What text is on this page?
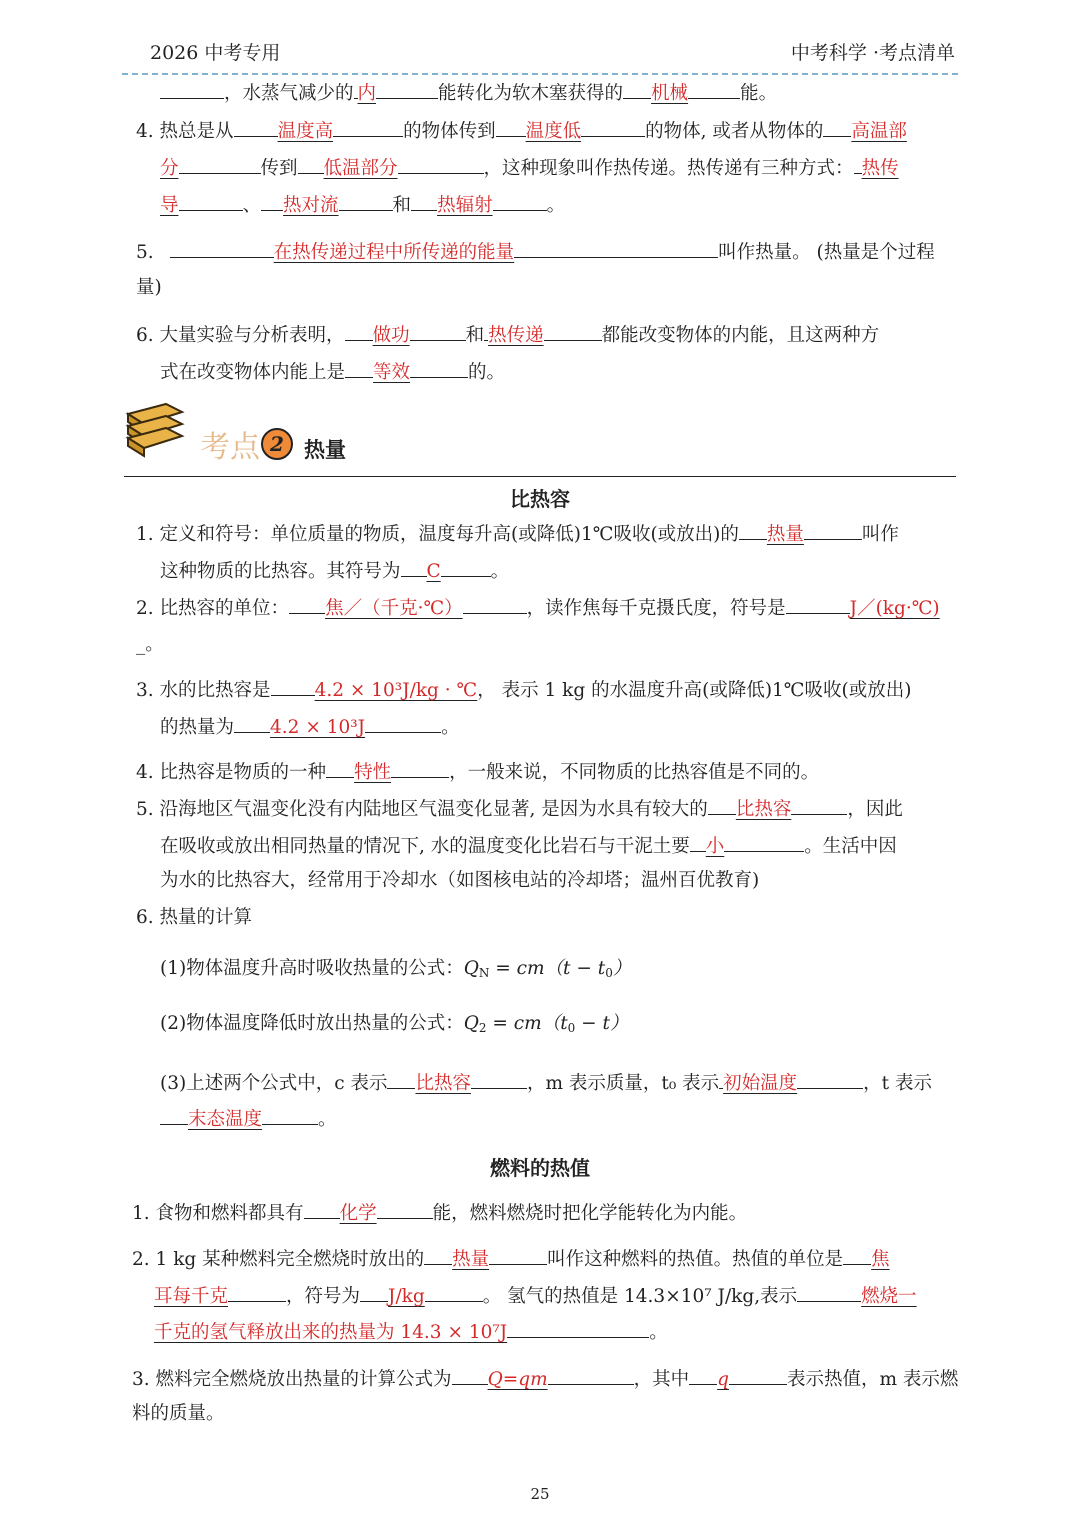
2026 中考专用	中考科学 ·考点清单
，水蒸气减少的 内	能转化为软木塞获得的 机械	能。
4. 热总是从 温度高	的物体传到 温度低	的物体, 或者从物体的 高温部
分	传到 低温部分	，这种现象叫作热传递。热传递有三种方式： 热传
导	、 热对流	和 热辐射	。
5.	在热传递过程中所传递的能量	叫作热量。 (热量是个过程
量)
6. 大量实验与分析表明， 做功	和 热传递	都能改变物体的内能，且这两种方
式在改变物体内能上是 等效	的。
考点 2 热量
比热容
1. 定义和符号：单位质量的物质，温度每升高(或降低)1℃吸收(或放出)的 热量	叫作
这种物质的比热容。其符号为 C	。
2. 比热容的单位： 焦／（千克·℃）	，读作焦每千克摄氏度，符号是	J／(kg·℃)
_。
3. 水的比热容是 4.2 × 10³J/kg · ℃， 表示 1 kg 的水温度升高(或降低)1℃吸收(或放出)
的热量为 4.2 × 10³J	。
4. 比热容是物质的一种 特性	，一般来说，不同物质的比热容值是不同的。
5. 沿海地区气温变化没有内陆地区气温变化显著, 是因为水具有较大的 比热容	，因此
在吸收或放出相同热量的情况下, 水的温度变化比岩石与干泥土要 小	。生活中因
为水的比热容大，经常用于冷却水（如图核电站的冷却塔；温州百优教育)
6. 热量的计算
(1)物体温度升高时吸收热量的公式：$Q_N = cm(t - t_0)$
(2)物体温度降低时放出热量的公式：$Q_2 = cm(t_0 - t)$
(3)上述两个公式中，c 表示 比热容	，m 表示质量，t₀ 表示 初始温度	，t 表示
末态温度	。
燃料的热值
1. 食物和燃料都具有 化学	能，燃料燃烧时把化学能转化为内能。
2. 1 kg 某种燃料完全燃烧时放出的 热量	叫作这种燃料的热值。热值的单位是 焦
耳每千克	，符号为 J/kg	。 氢气的热值是 14.3×10⁷ J/kg,表示	燃烧一
千克的氢气释放出来的热量为 14.3 × 10⁷J	。
3. 燃料完全燃烧放出热量的计算公式为 Q=qm	，其中 q	表示热值，m 表示燃
料的质量。
25
